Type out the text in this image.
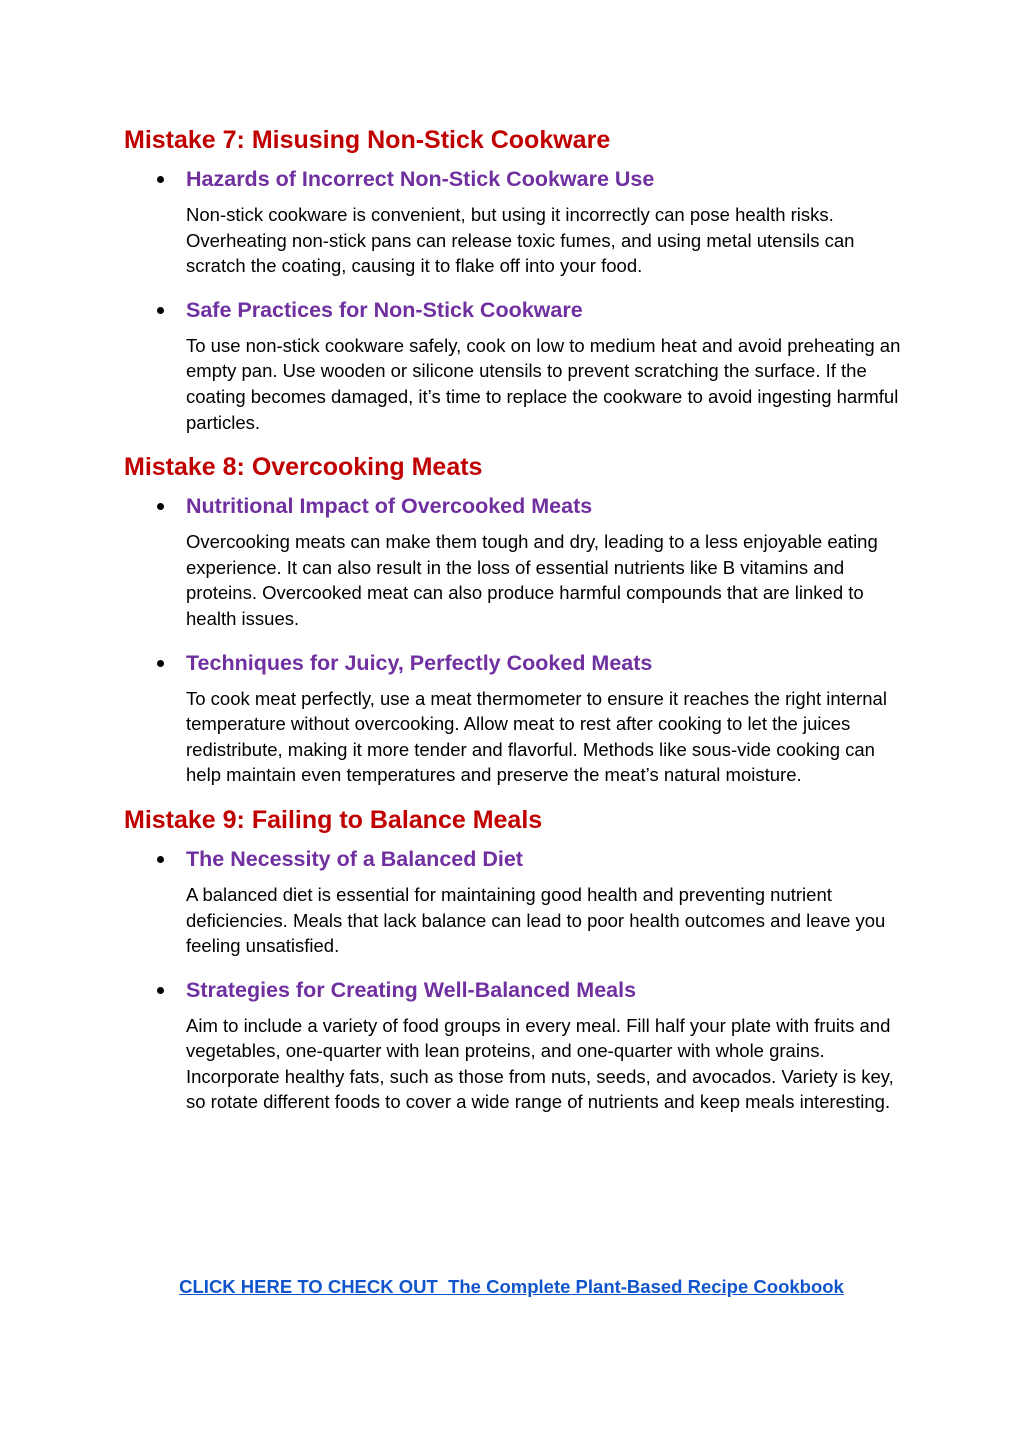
Mistake 7: Misusing Non-Stick Cookware
Hazards of Incorrect Non-Stick Cookware Use

Non-stick cookware is convenient, but using it incorrectly can pose health risks. Overheating non-stick pans can release toxic fumes, and using metal utensils can scratch the coating, causing it to flake off into your food.

Safe Practices for Non-Stick Cookware

To use non-stick cookware safely, cook on low to medium heat and avoid preheating an empty pan. Use wooden or silicone utensils to prevent scratching the surface. If the coating becomes damaged, it’s time to replace the cookware to avoid ingesting harmful particles.

Mistake 8: Overcooking Meats
Nutritional Impact of Overcooked Meats

Overcooking meats can make them tough and dry, leading to a less enjoyable eating experience. It can also result in the loss of essential nutrients like B vitamins and proteins. Overcooked meat can also produce harmful compounds that are linked to health issues.

Techniques for Juicy, Perfectly Cooked Meats

To cook meat perfectly, use a meat thermometer to ensure it reaches the right internal temperature without overcooking. Allow meat to rest after cooking to let the juices redistribute, making it more tender and flavorful. Methods like sous-vide cooking can help maintain even temperatures and preserve the meat’s natural moisture.

Mistake 9: Failing to Balance Meals
The Necessity of a Balanced Diet

A balanced diet is essential for maintaining good health and preventing nutrient deficiencies. Meals that lack balance can lead to poor health outcomes and leave you feeling unsatisfied.

Strategies for Creating Well-Balanced Meals

Aim to include a variety of food groups in every meal. Fill half your plate with fruits and vegetables, one-quarter with lean proteins, and one-quarter with whole grains. Incorporate healthy fats, such as those from nuts, seeds, and avocados. Variety is key, so rotate different foods to cover a wide range of nutrients and keep meals interesting.

CLICK HERE TO CHECK OUT  The Complete Plant-Based Recipe Cookbook
